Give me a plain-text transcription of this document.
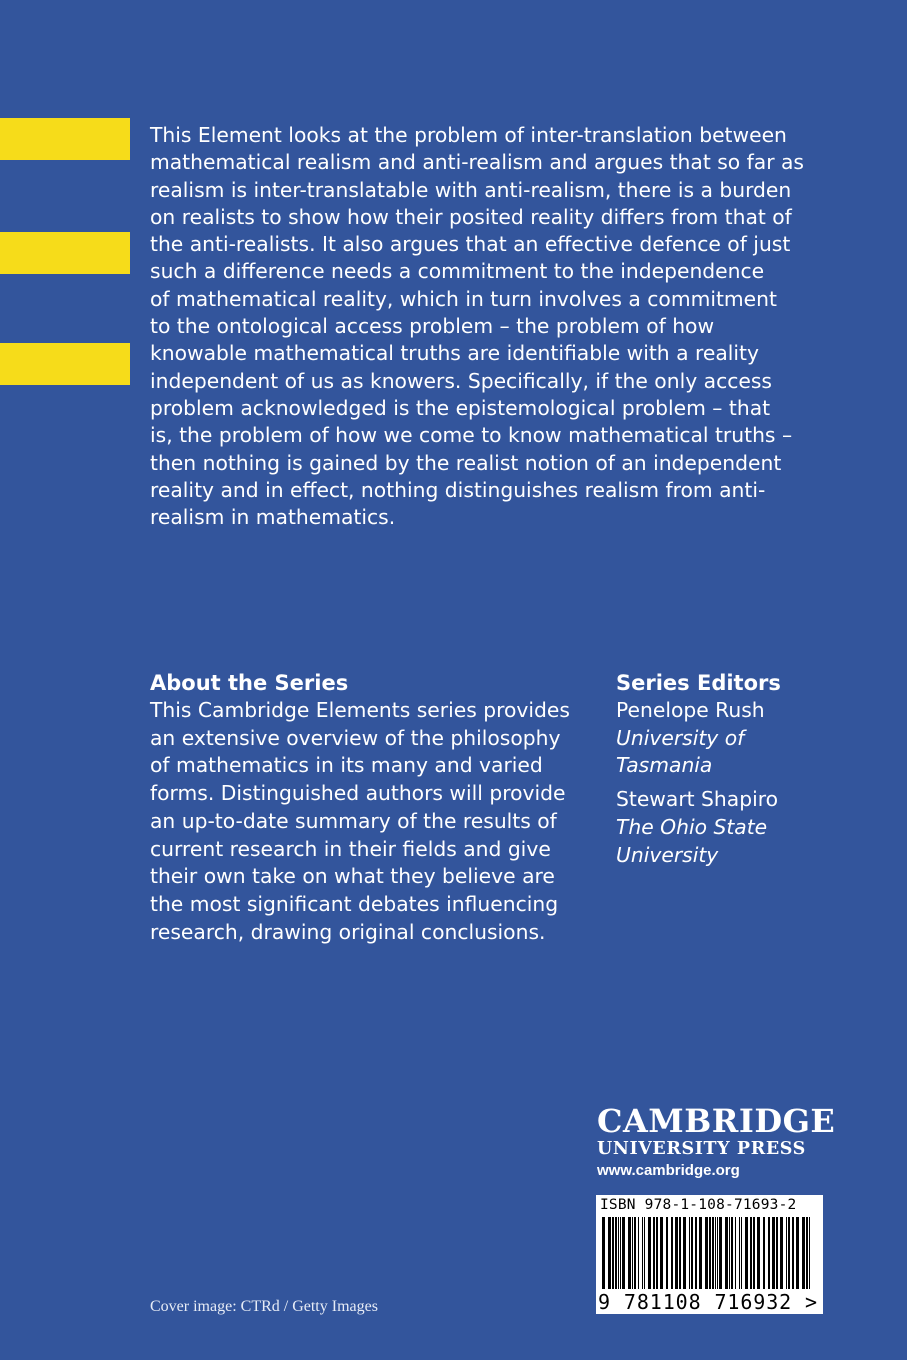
This Element looks at the problem of inter-translation between
mathematical realism and anti-realism and argues that so far as
realism is inter-translatable with anti-realism, there is a burden
on realists to show how their posited reality differs from that of
the anti-realists. It also argues that an effective defence of just
such a difference needs a commitment to the independence
of mathematical reality, which in turn involves a commitment
to the ontological access problem – the problem of how
knowable mathematical truths are identifiable with a reality
independent of us as knowers. Specifically, if the only access
problem acknowledged is the epistemological problem – that
is, the problem of how we come to know mathematical truths –
then nothing is gained by the realist notion of an independent
reality and in effect, nothing distinguishes realism from anti-
realism in mathematics.

About the Series

This Cambridge Elements series provides
an extensive overview of the philosophy
of mathematics in its many and varied
forms. Distinguished authors will provide
an up-to-date summary of the results of
current research in their fields and give
their own take on what they believe are
the most significant debates influencing
research, drawing original conclusions.

Series Editors
Penelope Rush
University of
Tasmania
Stewart Shapiro
The Ohio State
University
CAMBRIDGE
UNIVERSITY PRESS
www.cambridge.org
ISBN 978-1-108-71693-2
9 781108 716932 >
Cover image: CTRd / Getty Images
